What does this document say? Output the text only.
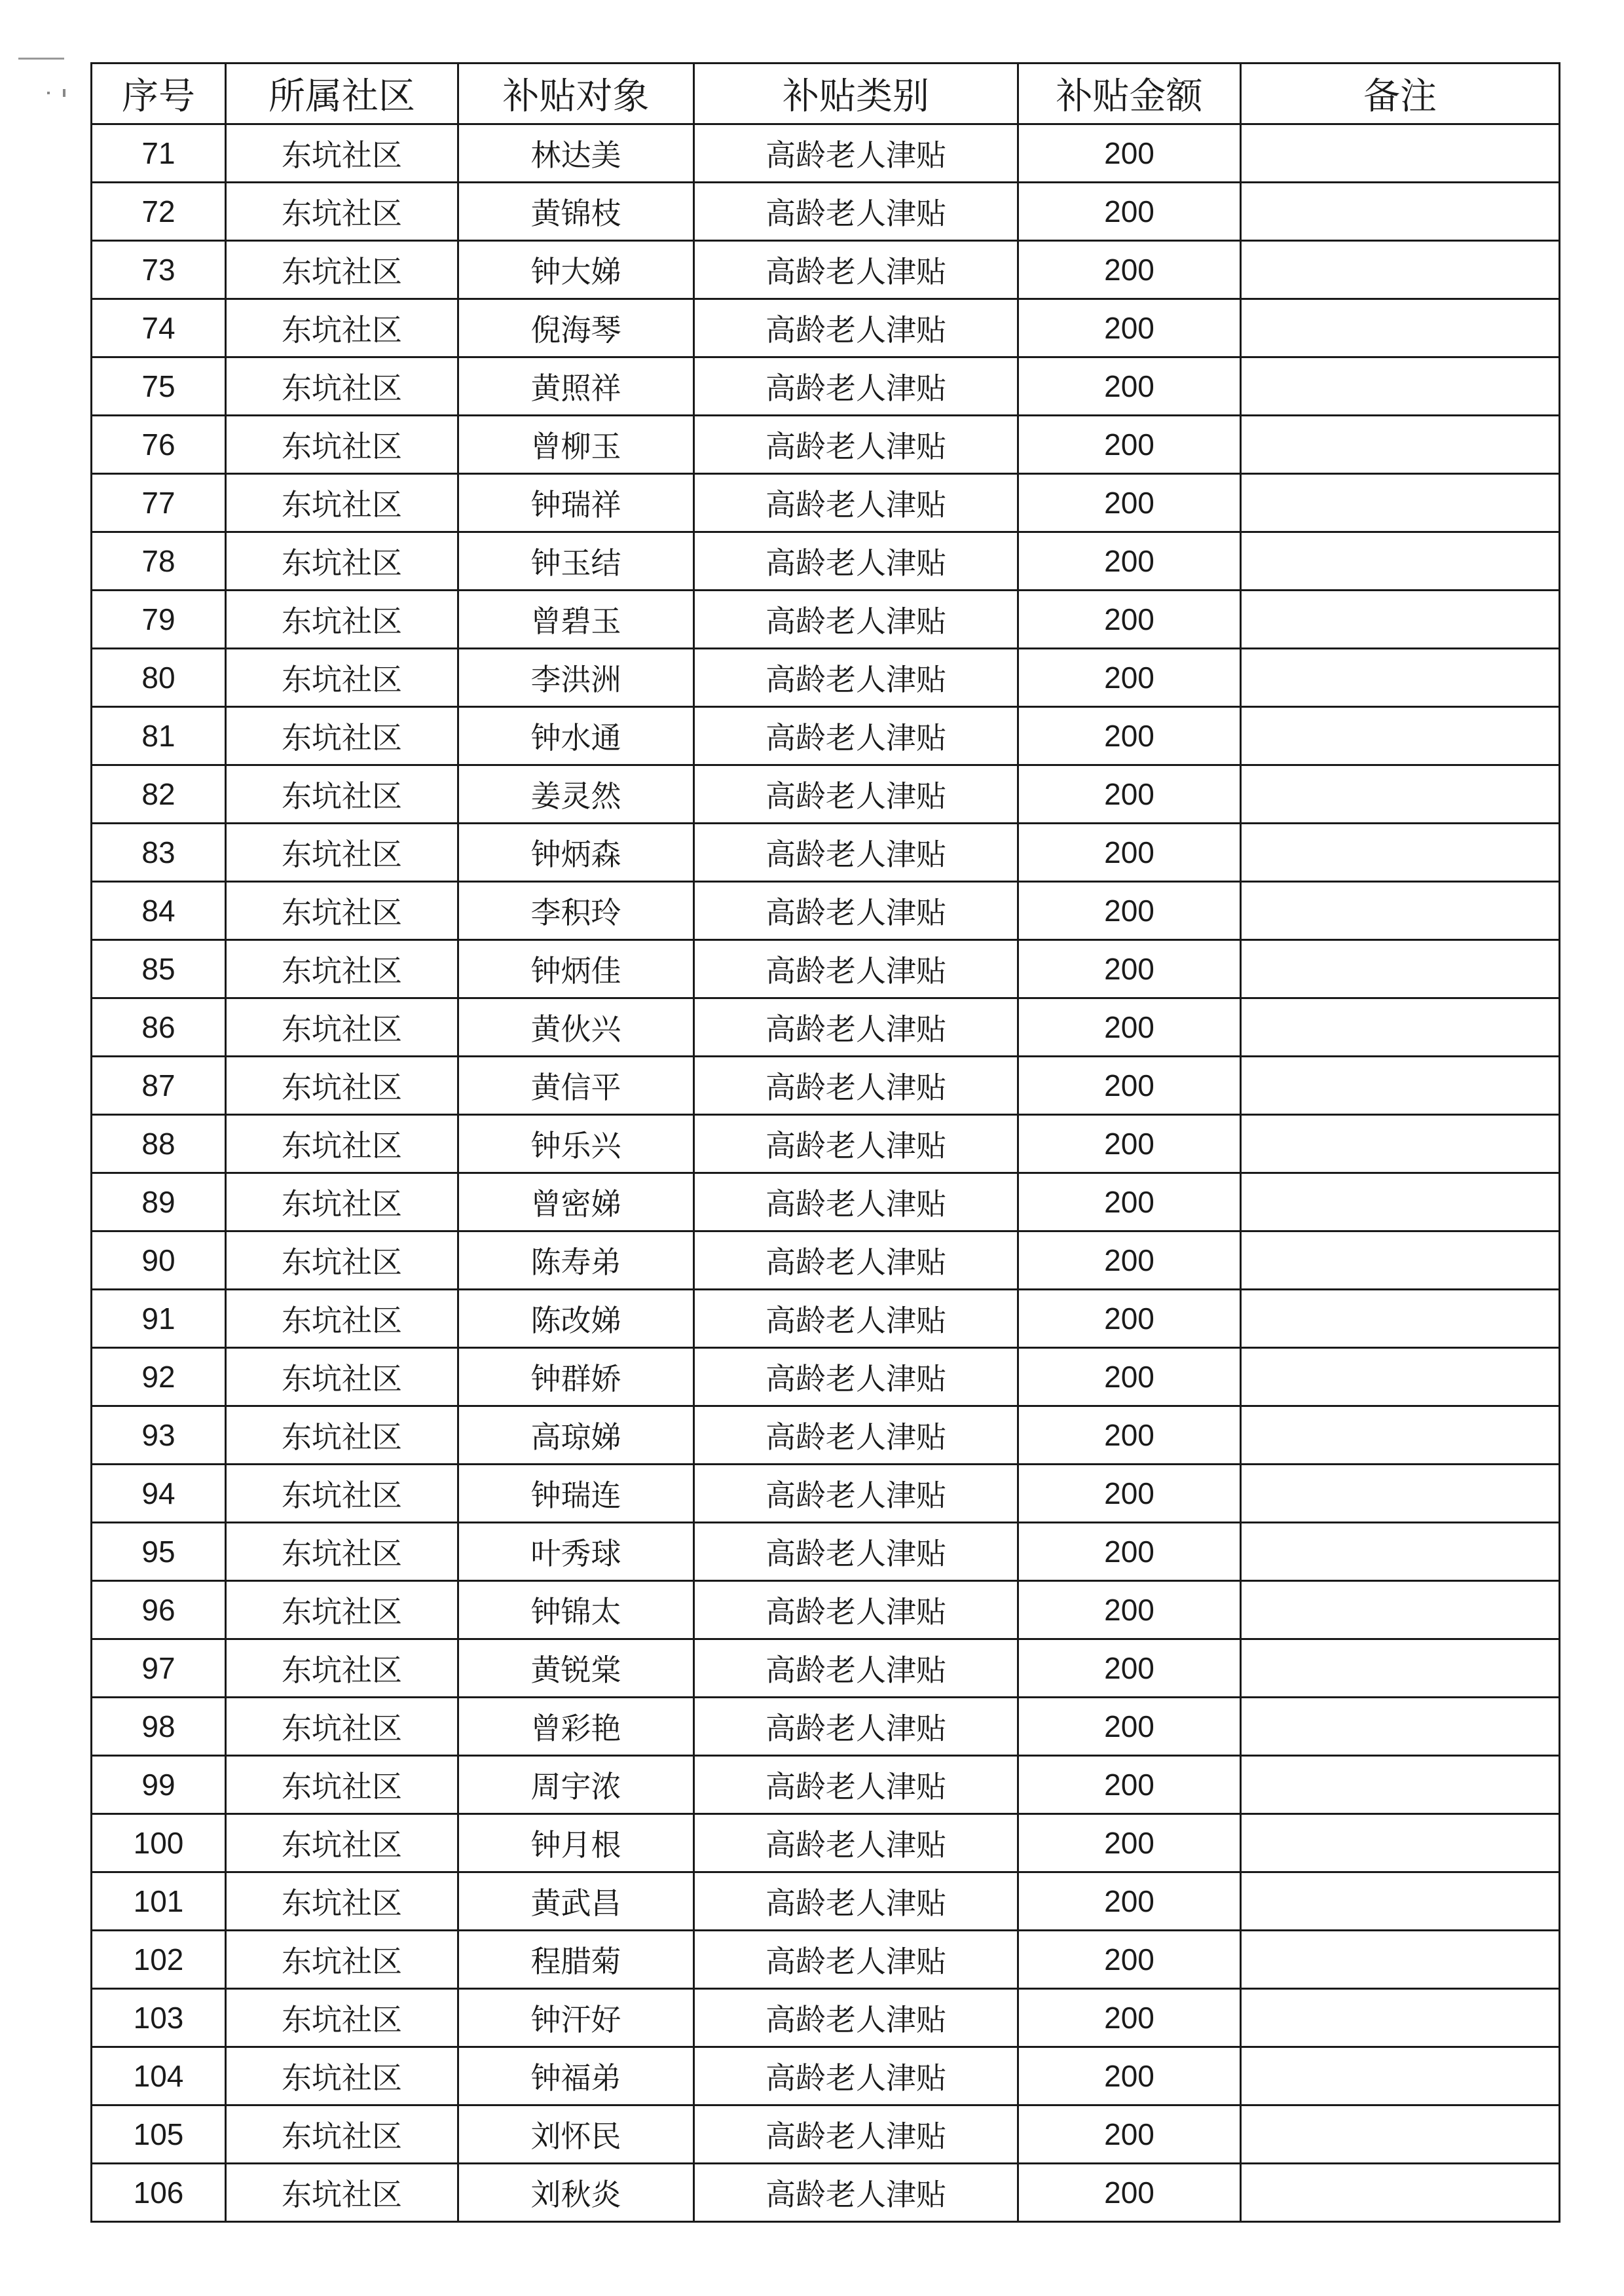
序号	所属社区	补贴对象	补贴类别	补贴金额	备注
71	东坑社区	林达美	高龄老人津贴	200	
72	东坑社区	黄锦枝	高龄老人津贴	200	
73	东坑社区	钟大娣	高龄老人津贴	200	
74	东坑社区	倪海琴	高龄老人津贴	200	
75	东坑社区	黄照祥	高龄老人津贴	200	
76	东坑社区	曾柳玉	高龄老人津贴	200	
77	东坑社区	钟瑞祥	高龄老人津贴	200	
78	东坑社区	钟玉结	高龄老人津贴	200	
79	东坑社区	曾碧玉	高龄老人津贴	200	
80	东坑社区	李洪洲	高龄老人津贴	200	
81	东坑社区	钟水通	高龄老人津贴	200	
82	东坑社区	姜灵然	高龄老人津贴	200	
83	东坑社区	钟炳森	高龄老人津贴	200	
84	东坑社区	李积玲	高龄老人津贴	200	
85	东坑社区	钟炳佳	高龄老人津贴	200	
86	东坑社区	黄伙兴	高龄老人津贴	200	
87	东坑社区	黄信平	高龄老人津贴	200	
88	东坑社区	钟乐兴	高龄老人津贴	200	
89	东坑社区	曾密娣	高龄老人津贴	200	
90	东坑社区	陈寿弟	高龄老人津贴	200	
91	东坑社区	陈改娣	高龄老人津贴	200	
92	东坑社区	钟群娇	高龄老人津贴	200	
93	东坑社区	高琼娣	高龄老人津贴	200	
94	东坑社区	钟瑞连	高龄老人津贴	200	
95	东坑社区	叶秀球	高龄老人津贴	200	
96	东坑社区	钟锦太	高龄老人津贴	200	
97	东坑社区	黄锐棠	高龄老人津贴	200	
98	东坑社区	曾彩艳	高龄老人津贴	200	
99	东坑社区	周宇浓	高龄老人津贴	200	
100	东坑社区	钟月根	高龄老人津贴	200	
101	东坑社区	黄武昌	高龄老人津贴	200	
102	东坑社区	程腊菊	高龄老人津贴	200	
103	东坑社区	钟汗好	高龄老人津贴	200	
104	东坑社区	钟福弟	高龄老人津贴	200	
105	东坑社区	刘怀民	高龄老人津贴	200	
106	东坑社区	刘秋炎	高龄老人津贴	200	
